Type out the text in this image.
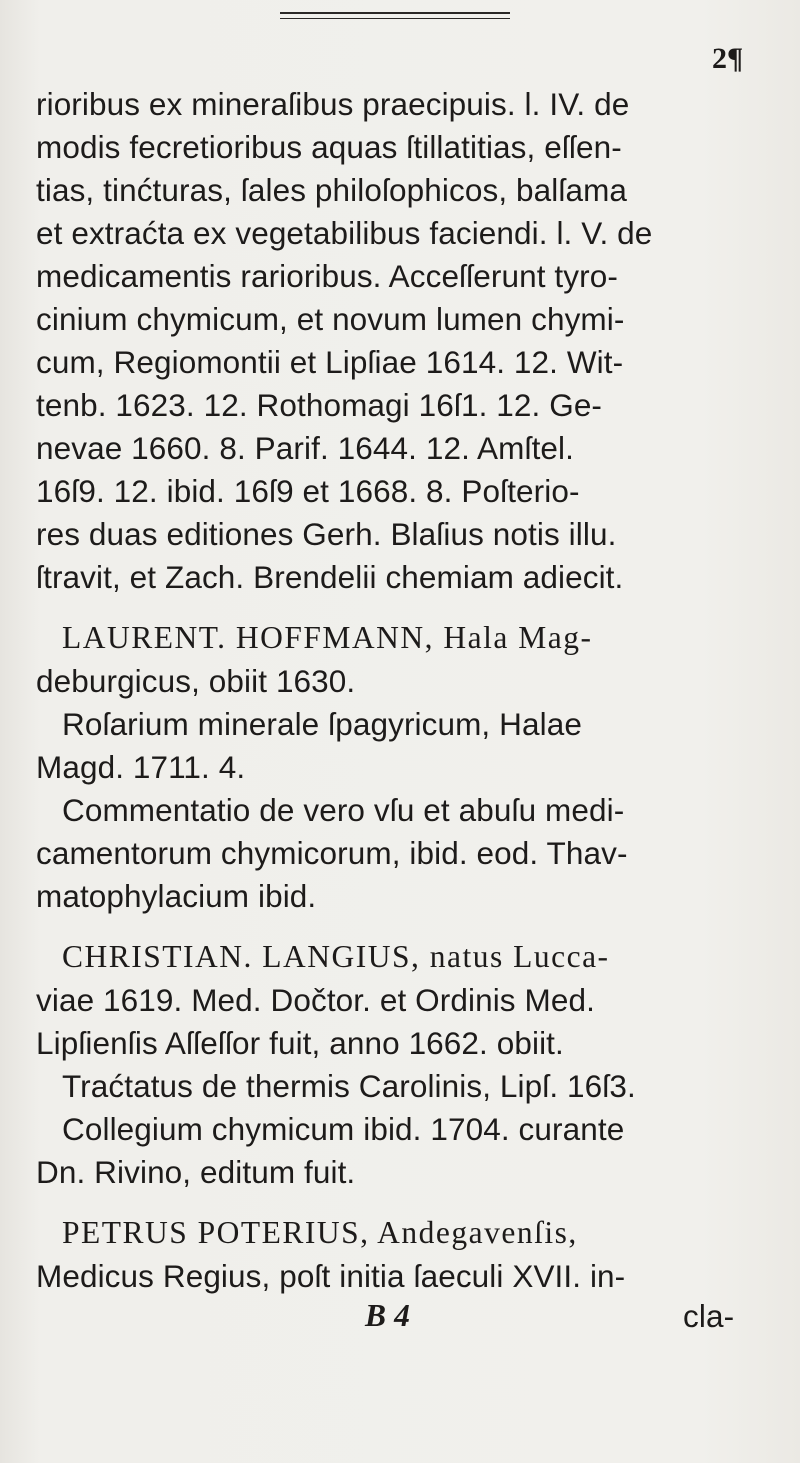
2¶
rioribus ex mineraſibus praecipuis. l. IV. de
modis fecretioribus aquas ſtillatitias, eſſen-
tias, tinćturas, ſales philoſophicos, balſama
et extraćta ex vegetabilibus faciendi. l. V. de
medicamentis rarioribus. Acceſſerunt tyro-
cinium chymicum, et novum lumen chymi-
cum, Regiomontii et Lipſiae 1614. 12. Wit-
tenb. 1623. 12. Rothomagi 16ſ1. 12. Ge-
nevae 1660. 8. Parif. 1644. 12. Amſtel.
16ſ9. 12. ibid. 16ſ9 et 1668. 8. Poſterio-
res duas editiones Gerh. Blaſius notis illu.
ſtravit, et Zach. Brendelii chemiam adiecit.
LAURENT. HOFFMANN, Hala Mag-
deburgicus, obiit 1630.
Roſarium minerale ſpagyricum, Halae
Magd. 1711. 4.
Commentatio de vero vſu et abuſu medi-
camentorum chymicorum, ibid. eod. Thav-
matophylacium ibid.
CHRISTIAN. LANGIUS, natus Lucca-
viae 1619. Med. Dočtor. et Ordinis Med.
Lipſienſis Aſſeſſor fuit, anno 1662. obiit.
Traćtatus de thermis Carolinis, Lipſ. 16ſ3.
Collegium chymicum ibid. 1704. curante
Dn. Rivino, editum fuit.
PETRUS POTERIUS, Andegavenſis,
Medicus Regius, poſt initia ſaeculi XVII. in-
B 4	cla-
